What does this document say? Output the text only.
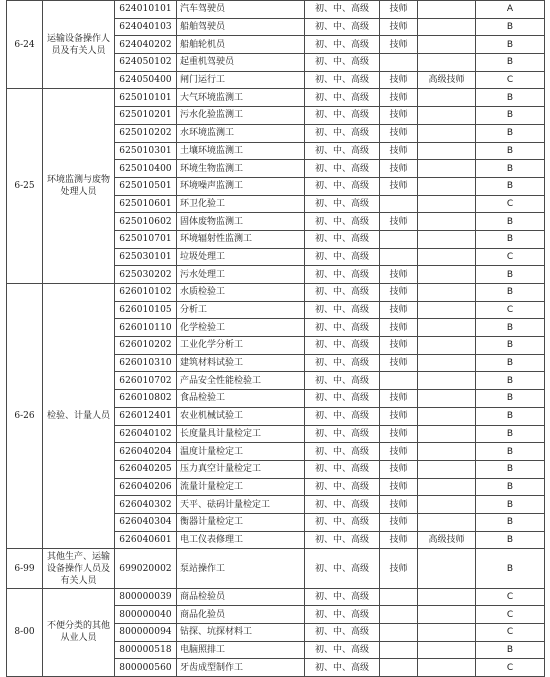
6-24	运输设备操作人员及有关人员	624010101	汽车驾驶员	初、中、高级	技师		A
		624040103	船舶驾驶员	初、中、高级	技师		B
		624040202	船舶轮机员	初、中、高级	技师		B
		624050102	起重机驾驶员	初、中、高级			B
		624050400	闸门运行工	初、中、高级	技师	高级技师	C
6-25	环境监测与废物处理人员	625010101	大气环境监测工	初、中、高级	技师		B
		625010201	污水化验监测工	初、中、高级	技师		B
		625010202	水环境监测工	初、中、高级	技师		B
		625010301	土壤环境监测工	初、中、高级	技师		B
		625010400	环境生物监测工	初、中、高级	技师		B
		625010501	环境噪声监测工	初、中、高级	技师		B
		625010601	环卫化验工	初、中、高级			C
		625010602	固体废物监测工	初、中、高级	技师		B
		625010701	环境辐射性监测工	初、中、高级			B
		625030101	垃圾处理工	初、中、高级			C
		625030202	污水处理工	初、中、高级	技师		B
6-26	检验、计量人员	626010102	水质检验工	初、中、高级	技师		B
		626010105	分析工	初、中、高级	技师		C
		626010110	化学检验工	初、中、高级	技师		B
		626010202	工业化学分析工	初、中、高级	技师		B
		626010310	建筑材料试验工	初、中、高级	技师		B
		626010702	产品安全性能检验工	初、中、高级			B
		626010802	食品检验工	初、中、高级	技师		B
		626012401	农业机械试验工	初、中、高级	技师		B
		626040102	长度量具计量检定工	初、中、高级	技师		B
		626040204	温度计量检定工	初、中、高级	技师		B
		626040205	压力真空计量检定工	初、中、高级	技师		B
		626040206	流量计量检定工	初、中、高级	技师		B
		626040302	天平、砝码计量检定工	初、中、高级	技师		B
		626040304	衡器计量检定工	初、中、高级	技师		B
		626040601	电工仪表修理工	初、中、高级	技师	高级技师	B
6-99	其他生产、运输设备操作人员及有关人员	699020002	泵站操作工	初、中、高级	技师		B
8-00	不便分类的其他从业人员	800000039	商品检验员	初、中、高级			C
		800000040	商品化验员	初、中、高级			C
		800000094	钻探、坑探材料工	初、中、高级			C
		800000518	电脑照排工	初、中、高级			B
		800000560	牙齿成型制作工	初、中、高级			C
